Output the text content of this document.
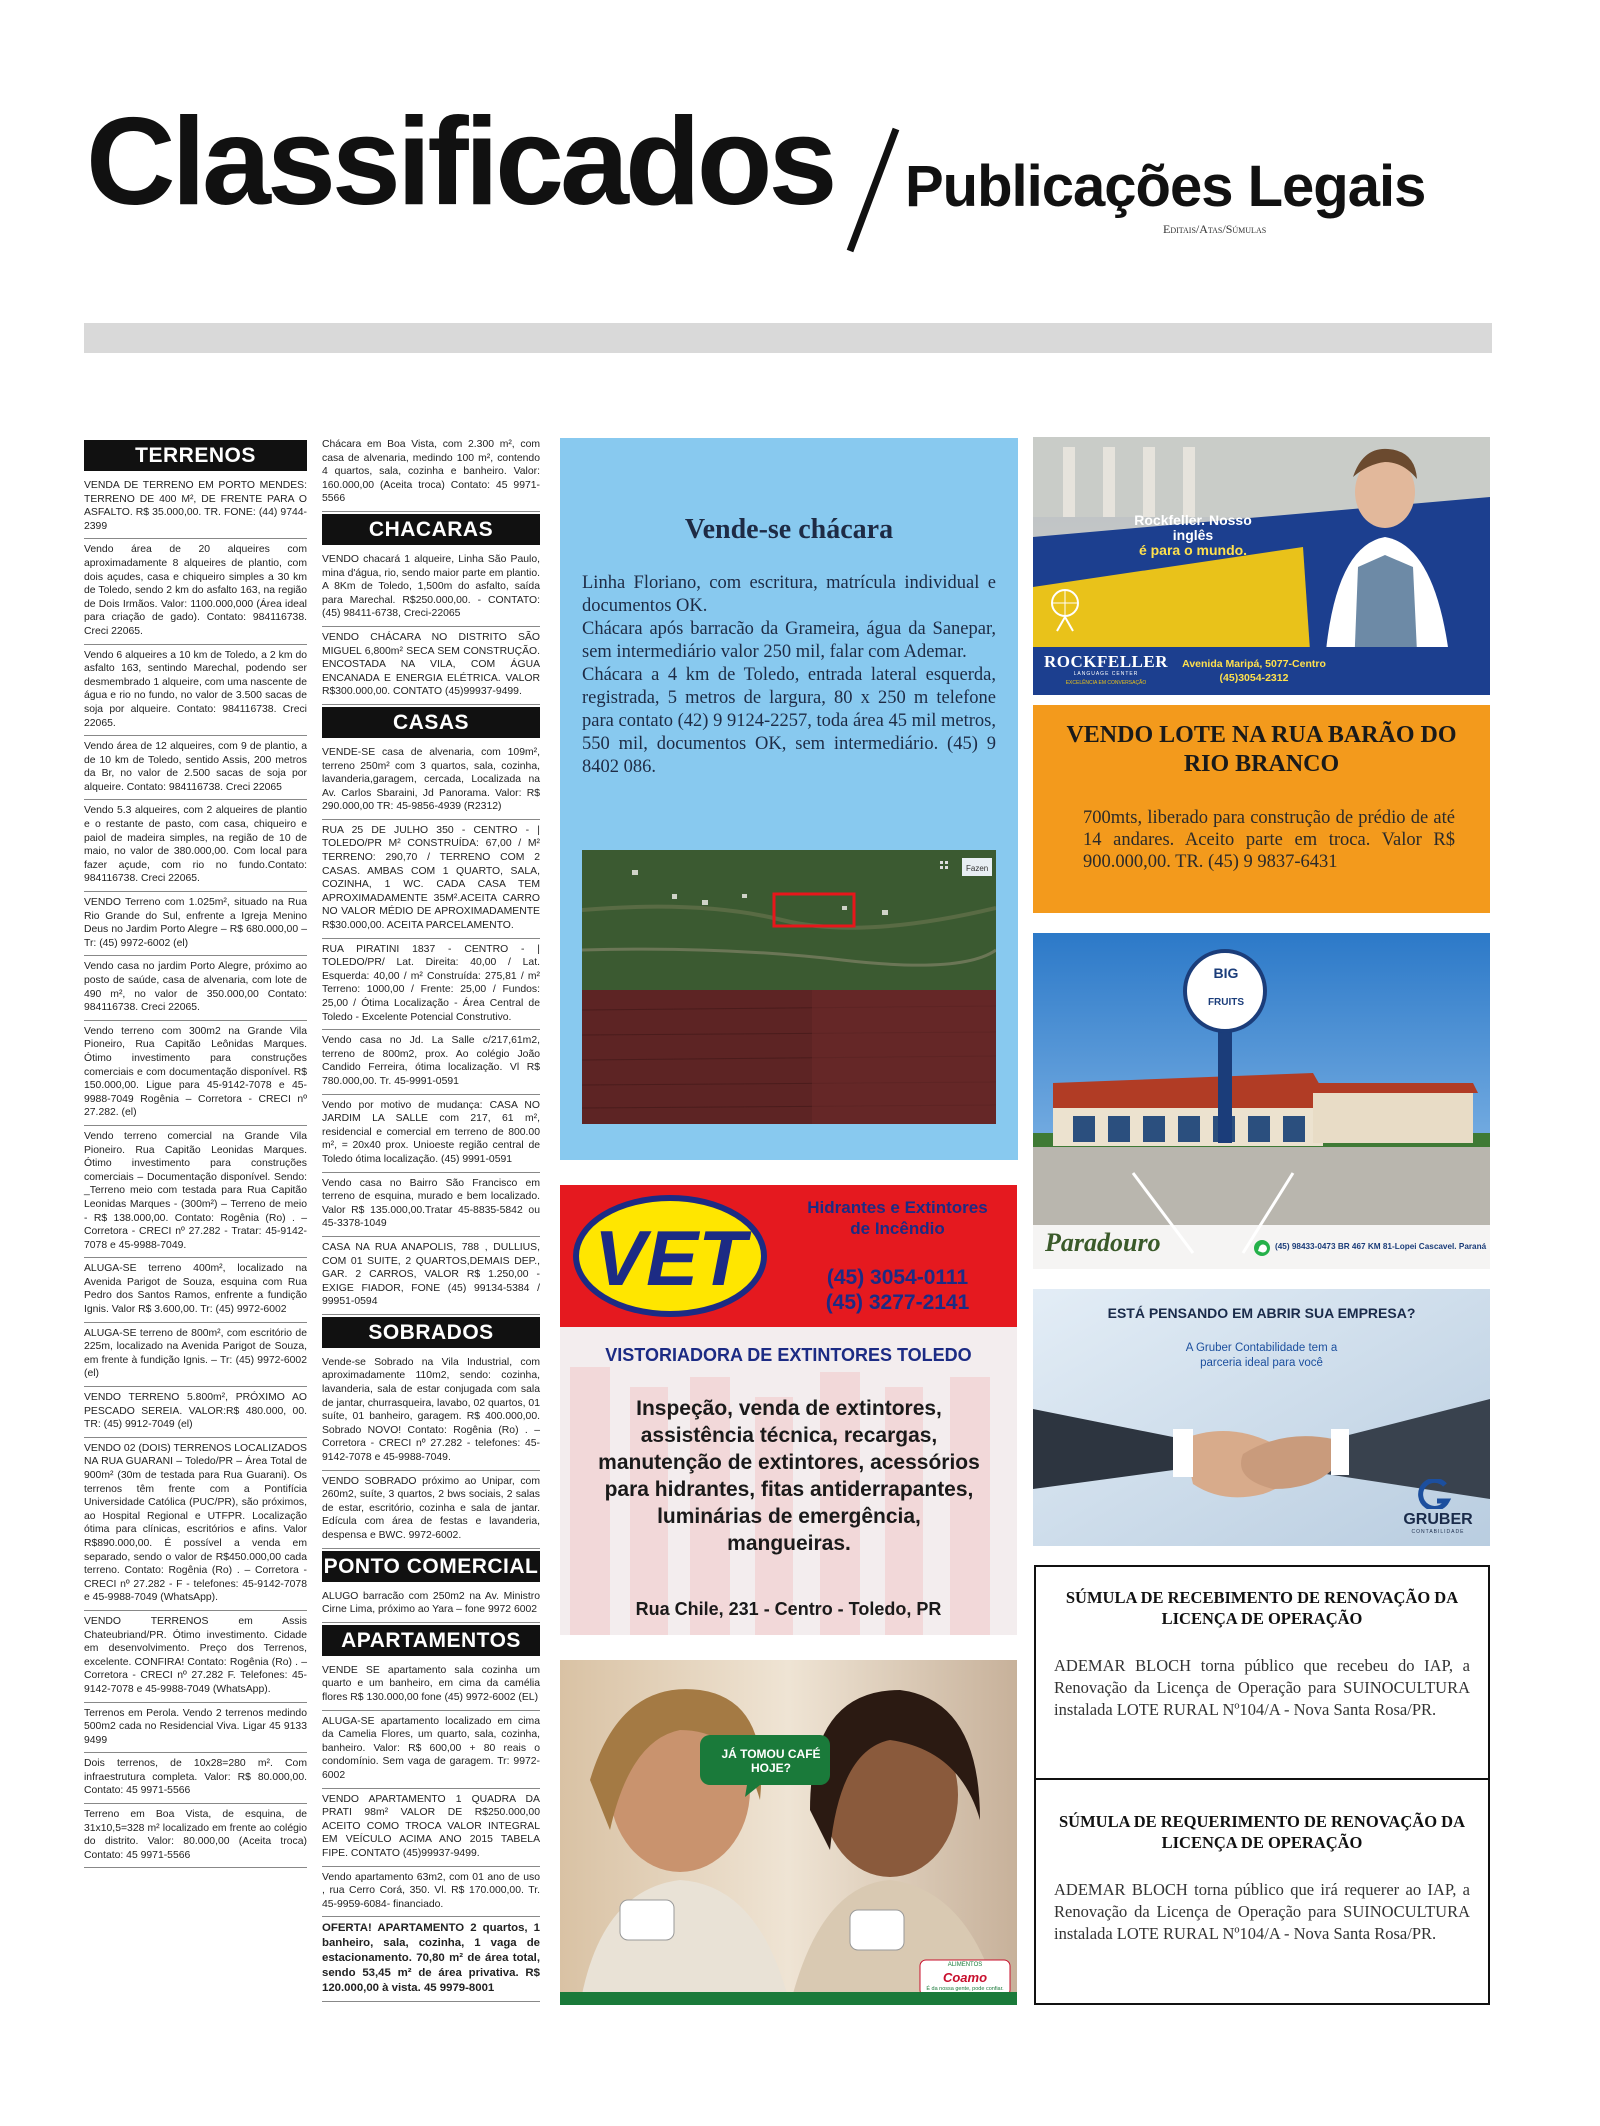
Classificados Publicações Legais
Editais/Atas/Súmulas
TERRENOS

VENDA DE TERRENO EM PORTO MENDES: TERRENO DE 400 M², DE FRENTE PARA O ASFALTO. R$ 35.000,00. TR. FONE: (44) 9744-2399

Vendo área de 20 alqueires com aproximadamente 8 alqueires de plantio, com dois açudes, casa e chiqueiro simples a 30 km de Toledo, sendo 2 km do asfalto 163, na região de Dois Irmãos. Valor: 1100.000,000 (Área ideal para criação de gado). Contato: 984116738. Creci 22065.

Vendo 6 alqueires a 10 km de Toledo, a 2 km do asfalto 163, sentindo Marechal, podendo ser desmembrado 1 alqueire, com uma nascente de água e rio no fundo, no valor de 3.500 sacas de soja por alqueire. Contato: 984116738. Creci 22065.

Vendo área de 12 alqueires, com 9 de plantio, a de 10 km de Toledo, sentido Assis, 200 metros da Br, no valor de 2.500 sacas de soja por alqueire. Contato: 984116738. Creci 22065

Vendo 5.3 alqueires, com 2 alqueires de plantio e o restante de pasto, com casa, chiqueiro e paiol de madeira simples, na região de 10 de maio, no valor de 380.000,00. Com local para fazer açude, com rio no fundo.Contato: 984116738. Creci 22065.

VENDO Terreno com 1.025m², situado na Rua Rio Grande do Sul, enfrente a Igreja Menino Deus no Jardim Porto Alegre – R$ 680.000,00 – Tr: (45) 9972-6002 (el)

Vendo casa no jardim Porto Alegre, próximo ao posto de saúde, casa de alvenaria, com lote de 490 m², no valor de 350.000,00 Contato: 984116738. Creci 22065.

Vendo terreno com 300m2 na Grande Vila Pioneiro, Rua Capitão Leônidas Marques. Ótimo investimento para construções comerciais e com documentação disponível. R$ 150.000,00. Ligue para 45-9142-7078 e 45-9988-7049 Rogênia – Corretora - CRECI nº 27.282. (el)

Vendo terreno comercial na Grande Vila Pioneiro. Rua Capitão Leonidas Marques. Ótimo investimento para construções comerciais – Documentação disponível. Sendo: _Terreno meio com testada para Rua Capitão Leonidas Marques - (300m²) – Terreno de meio - R$ 138.000,00. Contato: Rogênia (Ro) . – Corretora - CRECI nº 27.282 - Tratar: 45-9142-7078 e 45-9988-7049.

ALUGA-SE terreno 400m², localizado na Avenida Parigot de Souza, esquina com Rua Pedro dos Santos Ramos, enfrente a fundição Ignis. Valor R$ 3.600,00. Tr: (45) 9972-6002

ALUGA-SE terreno de 800m², com escritório de 225m, localizado na Avenida Parigot de Souza, em frente à fundição Ignis. – Tr: (45) 9972-6002 (el)

VENDO TERRENO 5.800m², PRÓXIMO AO PESCADO SEREIA. VALOR:R$ 480.000, 00. TR: (45) 9912-7049 (el)

VENDO 02 (DOIS) TERRENOS LOCALIZADOS NA RUA GUARANI – Toledo/PR – Área Total de 900m² (30m de testada para Rua Guarani). Os terrenos têm frente com a Pontifícia Universidade Católica (PUC/PR), são próximos, ao Hospital Regional e UTFPR. Localização ótima para clínicas, escritórios e afins. Valor R$890.000,00. É possível a venda em separado, sendo o valor de R$450.000,00 cada terreno. Contato: Rogênia (Ro) . – Corretora - CRECI nº 27.282 - F - telefones: 45-9142-7078 e 45-9988-7049 (WhatsApp).

VENDO TERRENOS em Assis Chateubriand/PR. Ótimo investimento. Cidade em desenvolvimento. Preço dos Terrenos, excelente. CONFIRA! Contato: Rogênia (Ro) . – Corretora - CRECI nº 27.282 F. Telefones: 45-9142-7078 e 45-9988-7049 (WhatsApp).

Terrenos em Perola. Vendo 2 terrenos medindo 500m2 cada no Residencial Viva. Ligar 45 9133 9499

Dois terrenos, de 10x28=280 m². Com infraestrutura completa. Valor: R$ 80.000,00. Contato: 45 9971-5566

Terreno em Boa Vista, de esquina, de 31x10,5=328 m² localizado em frente ao colégio do distrito. Valor: 80.000,00 (Aceita troca) Contato: 45 9971-5566

Chácara em Boa Vista, com 2.300 m², com casa de alvenaria, medindo 100 m², contendo 4 quartos, sala, cozinha e banheiro. Valor: 160.000,00 (Aceita troca) Contato: 45 9971-5566

CHACARAS

VENDO chacará 1 alqueire, Linha São Paulo, mina d'água, rio, sendo maior parte em plantio. A 8Km de Toledo, 1,500m do asfalto, saída para Marechal. R$250.000,00. - CONTATO: (45) 98411-6738, Creci-22065

VENDO CHÁCARA NO DISTRITO SÃO MIGUEL 6,800m² SECA SEM CONSTRUÇÃO. ENCOSTADA NA VILA, COM ÁGUA ENCANADA E ENERGIA ELÉTRICA. VALOR R$300.000,00. CONTATO (45)99937-9499.

CASAS

VENDE-SE casa de alvenaria, com 109m², terreno 250m² com 3 quartos, sala, cozinha, lavanderia,garagem, cercada, Localizada na Av. Carlos Sbaraini, Jd Panorama. Valor: R$ 290.000,00 TR: 45-9856-4939 (R2312)

RUA 25 DE JULHO 350 - CENTRO - | TOLEDO/PR M² CONSTRUÍDA: 67,00 / M² TERRENO: 290,70 / TERRENO COM 2 CASAS. AMBAS COM 1 QUARTO, SALA, COZINHA, 1 WC. CADA CASA TEM APROXIMADAMENTE 35M².ACEITA CARRO NO VALOR MÉDIO DE APROXIMADAMENTE R$30.000,00. ACEITA PARCELAMENTO.

RUA PIRATINI 1837 - CENTRO - | TOLEDO/PR/ Lat. Direita: 40,00 / Lat. Esquerda: 40,00 / m² Construída: 275,81 / m² Terreno: 1000,00 / Frente: 25,00 / Fundos: 25,00 / Ótima Localização - Área Central de Toledo - Excelente Potencial Construtivo.

Vendo casa no Jd. La Salle c/217,61m2, terreno de 800m2, prox. Ao colégio João Candido Ferreira, ótima localização. Vl R$ 780.000,00. Tr. 45-9991-0591

Vendo por motivo de mudança: CASA NO JARDIM LA SALLE com 217, 61 m², residencial e comercial em terreno de 800.00 m², = 20x40 prox. Unioeste região central de Toledo ótima localização. (45) 9991-0591

Vendo casa no Bairro São Francisco em terreno de esquina, murado e bem localizado. Valor R$ 135.000,00.Tratar 45-8835-5842 ou 45-3378-1049

CASA NA RUA ANAPOLIS, 788 , DULLIUS, COM 01 SUITE, 2 QUARTOS,DEMAIS DEP., GAR. 2 CARROS, VALOR R$ 1.250,00 - EXIGE FIADOR, FONE (45) 99134-5384 / 99951-0594

SOBRADOS

Vende-se Sobrado na Vila Industrial, com aproximadamente 110m2, sendo: cozinha, lavanderia, sala de estar conjugada com sala de jantar, churrasqueira, lavabo, 02 quartos, 01 suíte, 01 banheiro, garagem. R$ 400.000,00. Sobrado NOVO! Contato: Rogênia (Ro) . – Corretora - CRECI nº 27.282 - telefones: 45-9142-7078 e 45-9988-7049.

VENDO SOBRADO próximo ao Unipar, com 260m2, suíte, 3 quartos, 2 bws sociais, 2 salas de estar, escritório, cozinha e sala de jantar. Edícula com área de festas e lavanderia, despensa e BWC. 9972-6002.

PONTO COMERCIAL

ALUGO barracão com 250m2 na Av. Ministro Cirne Lima, próximo ao Yara – fone 9972 6002

APARTAMENTOS

VENDE SE apartamento sala cozinha um quarto e um banheiro, em cima da camélia flores R$ 130.000,00 fone (45) 9972-6002 (EL)

ALUGA-SE apartamento localizado em cima da Camelia Flores, um quarto, sala, cozinha, banheiro. Valor: R$ 600,00 + 80 reais o condomínio. Sem vaga de garagem. Tr: 9972-6002

VENDO APARTAMENTO 1 QUADRA DA PRATI 98m² VALOR DE R$250.000,00 ACEITO COMO TROCA VALOR INTEGRAL EM VEÍCULO ACIMA ANO 2015 TABELA FIPE. CONTATO (45)99937-9499.

Vendo apartamento 63m2, com 01 ano de uso , rua Cerro Corá, 350. Vl. R$ 170.000,00. Tr. 45-9959-6084- financiado.

OFERTA! APARTAMENTO 2 quartos, 1 banheiro, sala, cozinha, 1 vaga de estacionamento. 70,80 m² de área total, sendo 53,45 m² de área privativa. R$ 120.000,00 à vista. 45 9979-8001

Vende-se chácara
Linha Floriano, com escritura, matrícula individual e documentos OK.
Chácara após barracão da Grameira, água da Sanepar, sem intermediário valor 250 mil, falar com Ademar.
Chácara a 4 km de Toledo, entrada lateral esquerda, registrada, 5 metros de largura, 80 x 250 m telefone para contato (42) 9 9124-2257, toda área 45 mil metros, 550 mil, documentos OK, sem intermediário. (45) 9 8402 086.
Fazen
VET
Hidrantes e Extintores
de Incêndio
(45) 3054-0111
(45) 3277-2141
VISTORIADORA DE EXTINTORES TOLEDO
Inspeção, venda de extintores, assistência técnica, recargas, manutenção de extintores, acessórios para hidrantes, fitas antiderrapantes, luminárias de emergência, mangueiras.
Rua Chile, 231 - Centro - Toledo, PR
JÁ TOMOU CAFÉ HOJE?
ALIMENTOS
Coamo
É da nossa gente, pode confiar.
Rockfeller. Nosso inglês
é para o mundo.
ROCKFELLER
LANGUAGE CENTER
EXCELÊNCIA EM CONVERSAÇÃO
Avenida Maripá, 5077-Centro
(45)3054-2312
VENDO LOTE NA RUA BARÃO DO RIO BRANCO
700mts, liberado para construção de prédio de até 14 andares. Aceito parte em troca. Valor R$ 900.000,00. TR. (45) 9 9837-6431
BIG
FRUITS
Paradouro	(45) 98433-0473 BR 467 KM 81-Lopei Cascavel. Paraná
ESTÁ PENSANDO EM ABRIR SUA EMPRESA?
A Gruber Contabilidade tem a
parceria ideal para você
GRUBER
CONTABILIDADE
SÚMULA DE RECEBIMENTO DE RENOVAÇÃO DA LICENÇA DE OPERAÇÃO
ADEMAR BLOCH torna público que recebeu do IAP, a Renovação da Licença de Operação para SUINOCULTURA instalada LOTE RURAL Nº104/A - Nova Santa Rosa/PR.
SÚMULA DE REQUERIMENTO DE RENOVAÇÃO DA LICENÇA DE OPERAÇÃO
ADEMAR BLOCH torna público que irá requerer ao IAP, a Renovação da Licença de Operação para SUINOCULTURA instalada LOTE RURAL Nº104/A - Nova Santa Rosa/PR.
